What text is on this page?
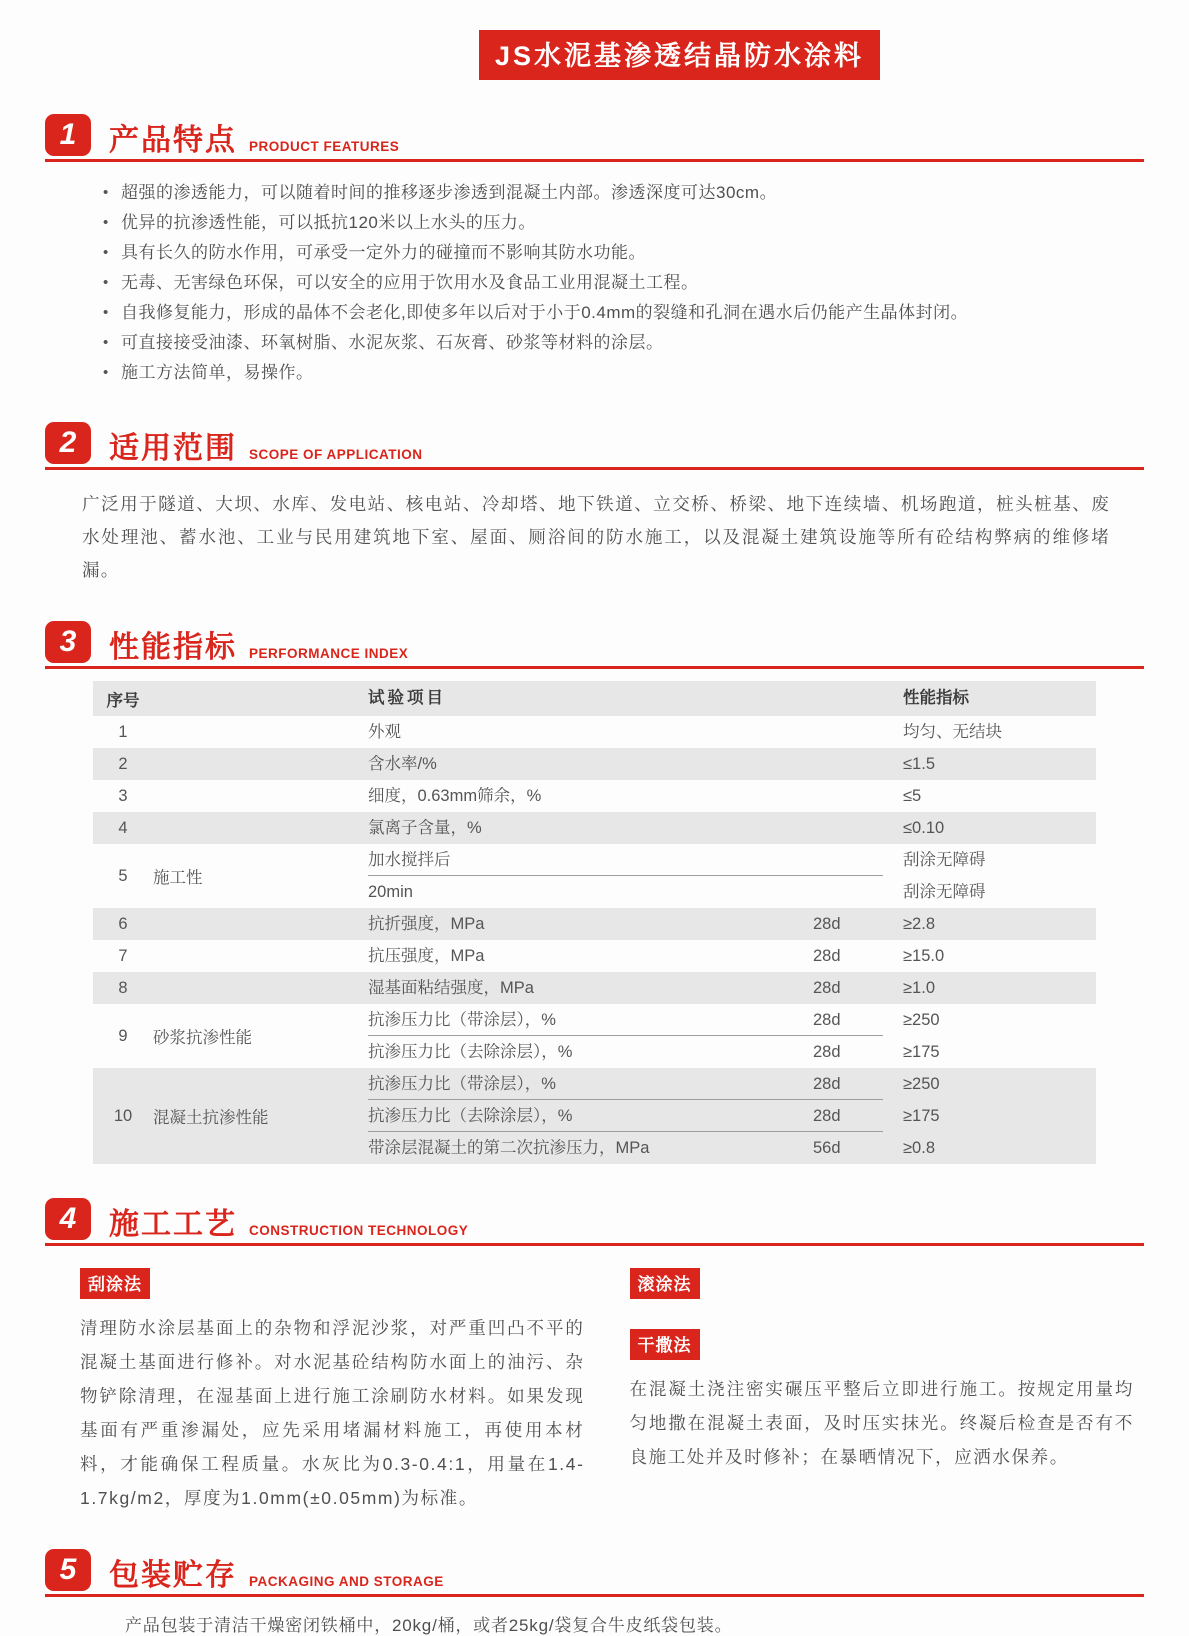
JS水泥基渗透结晶防水涂料
1	产品特点 PRODUCT FEATURES
• 超强的渗透能力，可以随着时间的推移逐步渗透到混凝土内部。渗透深度可达30cm。
• 优异的抗渗透性能，可以抵抗120米以上水头的压力。
• 具有长久的防水作用，可承受一定外力的碰撞而不影响其防水功能。
• 无毒、无害绿色环保，可以安全的应用于饮用水及食品工业用混凝土工程。
• 自我修复能力，形成的晶体不会老化,即使多年以后对于小于0.4mm的裂缝和孔洞在遇水后仍能产生晶体封闭。
• 可直接接受油漆、环氧树脂、水泥灰浆、石灰膏、砂浆等材料的涂层。
• 施工方法简单，易操作。
2	适用范围 SCOPE OF APPLICATION

广泛用于隧道、大坝、水库、发电站、核电站、冷却塔、地下铁道、立交桥、桥梁、地下连续墙、机场跑道，桩头桩基、废水处理池、蓄水池、工业与民用建筑地下室、屋面、厕浴间的防水施工，以及混凝土建筑设施等所有砼结构弊病的维修堵漏。

3	性能指标 PERFORMANCE INDEX
序号	试验项目	性能指标
1	外观	均匀、无结块
2	含水率/%	≤1.5
3	细度，0.63mm筛余，%	≤5
4	氯离子含量，%	≤0.10
5	施工性
加水搅拌后	刮涂无障碍
20min	刮涂无障碍
6	抗折强度，MPa	28d	≥2.8
7	抗压强度，MPa	28d	≥15.0
8	湿基面粘结强度，MPa	28d	≥1.0
9	砂浆抗渗性能
抗渗压力比（带涂层），%	28d	≥250
抗渗压力比（去除涂层），%	28d	≥175
10	混凝土抗渗性能
抗渗压力比（带涂层），%	28d	≥250
抗渗压力比（去除涂层），%	28d	≥175
带涂层混凝土的第二次抗渗压力，MPa	56d	≥0.8
4	施工工艺 CONSTRUCTION TECHNOLOGY
刮涂法

清理防水涂层基面上的杂物和浮泥沙浆，对严重凹凸不平的混凝土基面进行修补。对水泥基砼结构防水面上的油污、杂物铲除清理，在湿基面上进行施工涂刷防水材料。如果发现基面有严重渗漏处，应先采用堵漏材料施工，再使用本材料，才能确保工程质量。水灰比为0.3-0.4:1，用量在1.4-1.7kg/m2，厚度为1.0mm(±0.05mm)为标准。

滚涂法
干撒法

在混凝土浇注密实碾压平整后立即进行施工。按规定用量均匀地撒在混凝土表面，及时压实抹光。终凝后检查是否有不良施工处并及时修补；在暴晒情况下，应洒水保养。

5	包装贮存 PACKAGING AND STORAGE

产品包装于清洁干燥密闭铁桶中，20kg/桶，或者25kg/袋复合牛皮纸袋包装。
